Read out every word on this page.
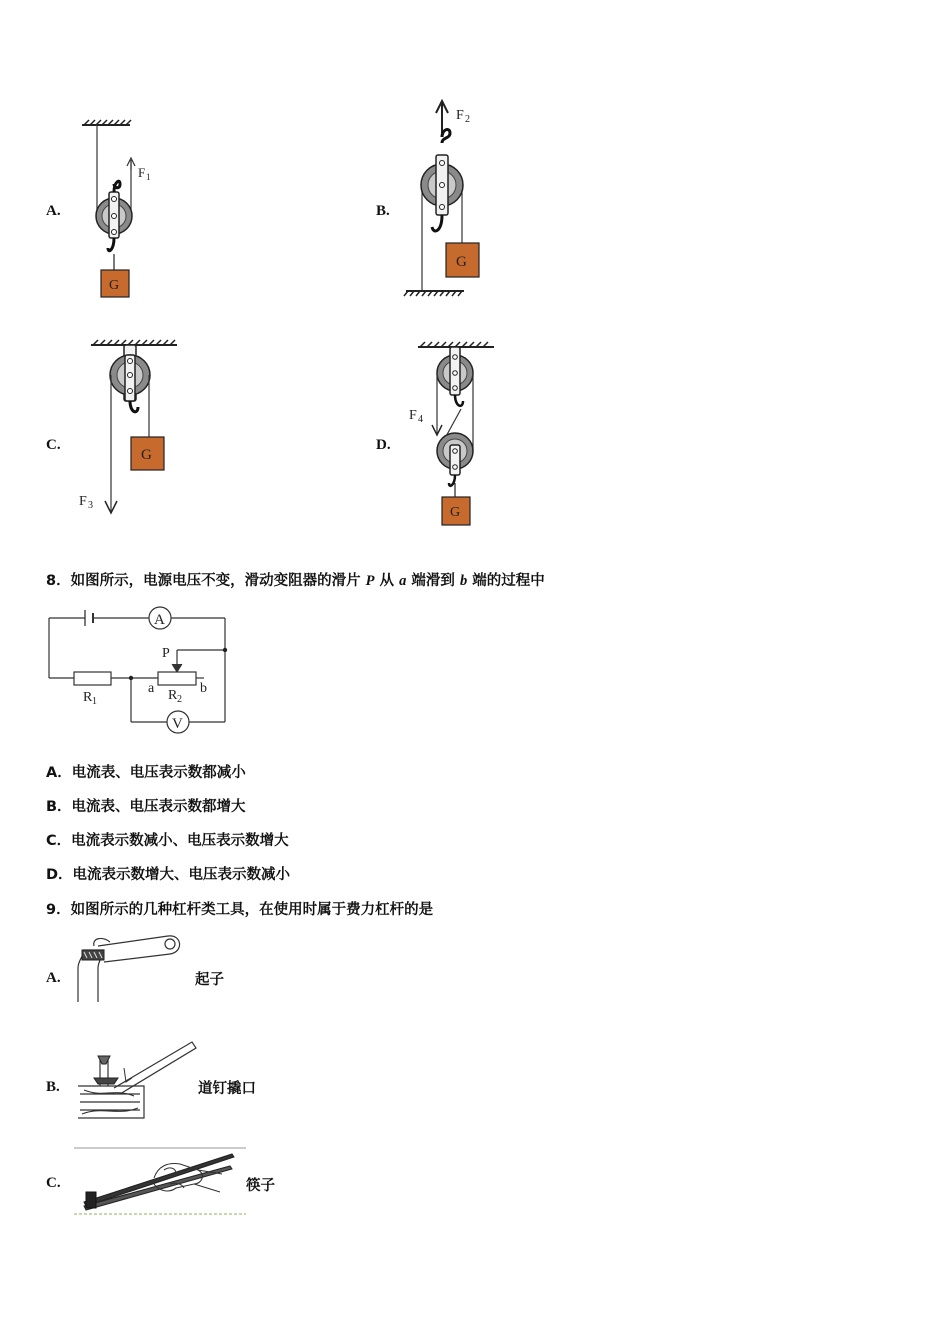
A.	B.
C.	D.
F 1
G
F 2
G
F 3
G
F 4
G
8．如图所示，电源电压不变，滑动变阻器的滑片 P 从 a 端滑到 b 端的过程中
A
V
R 1	R 2
a	b
P
A．电流表、电压表示数都减小
B．电流表、电压表示数都增大
C．电流表示数减小、电压表示数增大
D．电流表示数增大、电压表示数减小
9．如图所示的几种杠杆类工具，在使用时属于费力杠杆的是
A.	起子
B.	道钉撬口
C.	筷子
